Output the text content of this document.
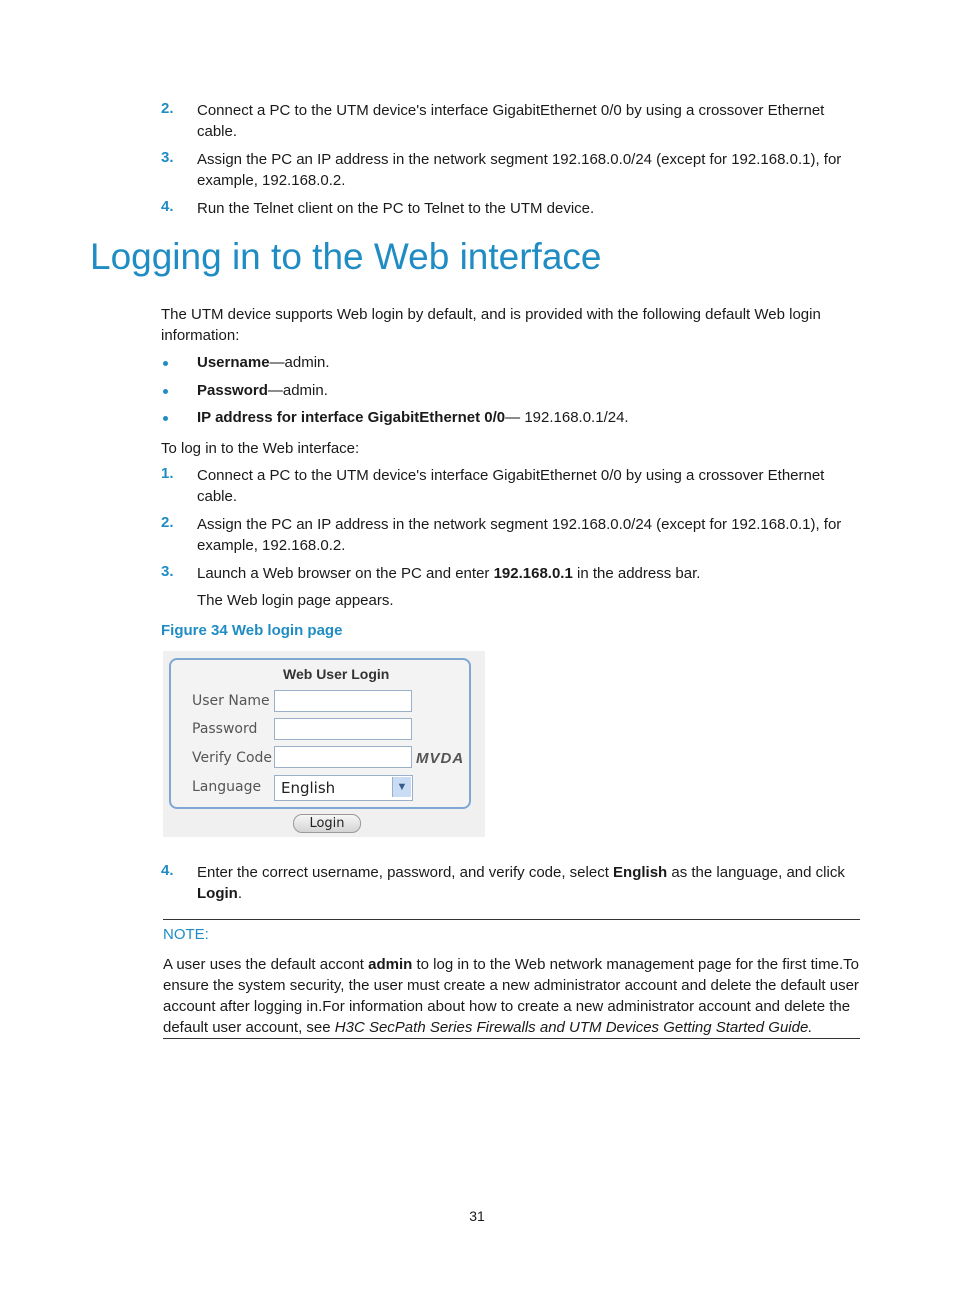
2. Connect a PC to the UTM device's interface GigabitEthernet 0/0 by using a crossover Ethernet cable.
3. Assign the PC an IP address in the network segment 192.168.0.0/24 (except for 192.168.0.1), for example, 192.168.0.2.
4. Run the Telnet client on the PC to Telnet to the UTM device.
Logging in to the Web interface
The UTM device supports Web login by default, and is provided with the following default Web login information:
Username—admin.
Password—admin.
IP address for interface GigabitEthernet 0/0— 192.168.0.1/24.
To log in to the Web interface:
1. Connect a PC to the UTM device's interface GigabitEthernet 0/0 by using a crossover Ethernet cable.
2. Assign the PC an IP address in the network segment 192.168.0.0/24 (except for 192.168.0.1), for example, 192.168.0.2.
3. Launch a Web browser on the PC and enter 192.168.0.1 in the address bar.
The Web login page appears.
Figure 34 Web login page
Web User Login
User Name
Password
Verify Code	MVDA
Language English	▼
Login
4. Enter the correct username, password, and verify code, select English as the language, and click Login.
NOTE:
A user uses the default accont admin to log in to the Web network management page for the first time.To ensure the system security, the user must create a new administrator account and delete the default user account after logging in.For information about how to create a new administrator account and delete the default user account, see H3C SecPath Series Firewalls and UTM Devices Getting Started Guide.
31
